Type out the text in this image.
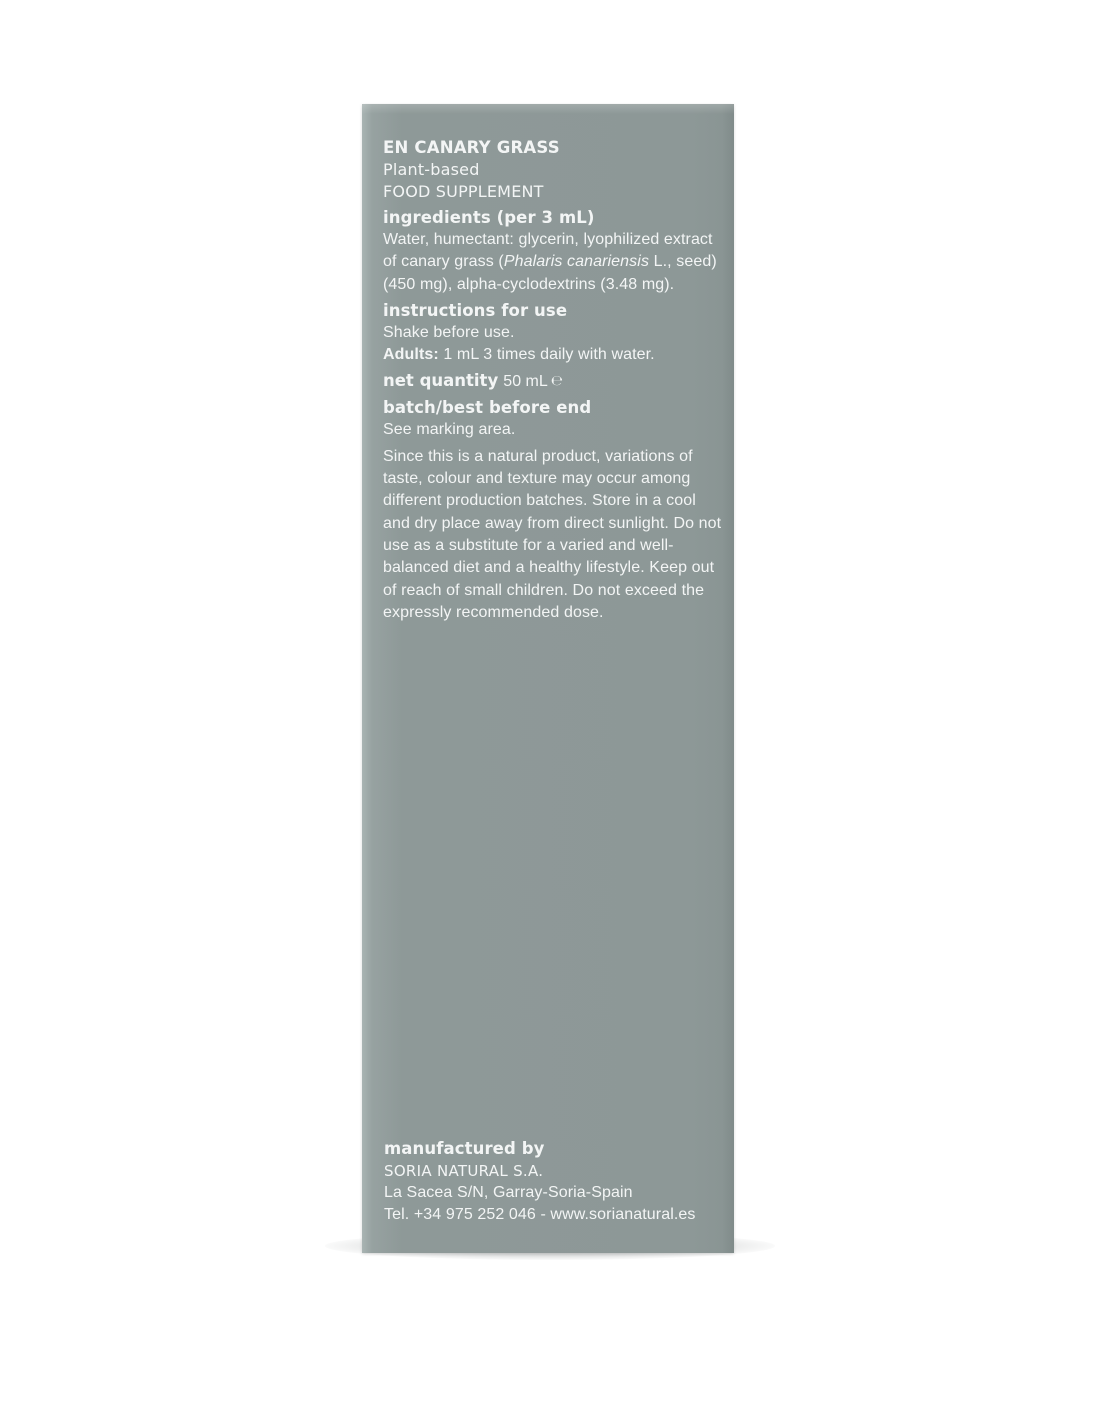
EN CANARY GRASS

Plant-based

FOOD SUPPLEMENT

ingredients (per 3 mL)
Water, humectant: glycerin, lyophilized extract of canary grass (Phalaris canariensis L., seed) (450 mg), alpha-cyclodextrins (3.48 mg).
instructions for use

Shake before use.

Adults: 1 mL 3 times daily with water.

net quantity 50 mL ℮
batch/best before end
See marking area.
Since this is a natural product, variations of taste, colour and texture may occur among different production batches. Store in a cool and dry place away from direct sunlight. Do not use as a substitute for a varied and well-balanced diet and a healthy lifestyle. Keep out of reach of small children. Do not exceed the expressly recommended dose.
manufactured by

SORIA NATURAL S.A.

La Sacea S/N, Garray-Soria-Spain
Tel. +34 975 252 046 - www.sorianatural.es
